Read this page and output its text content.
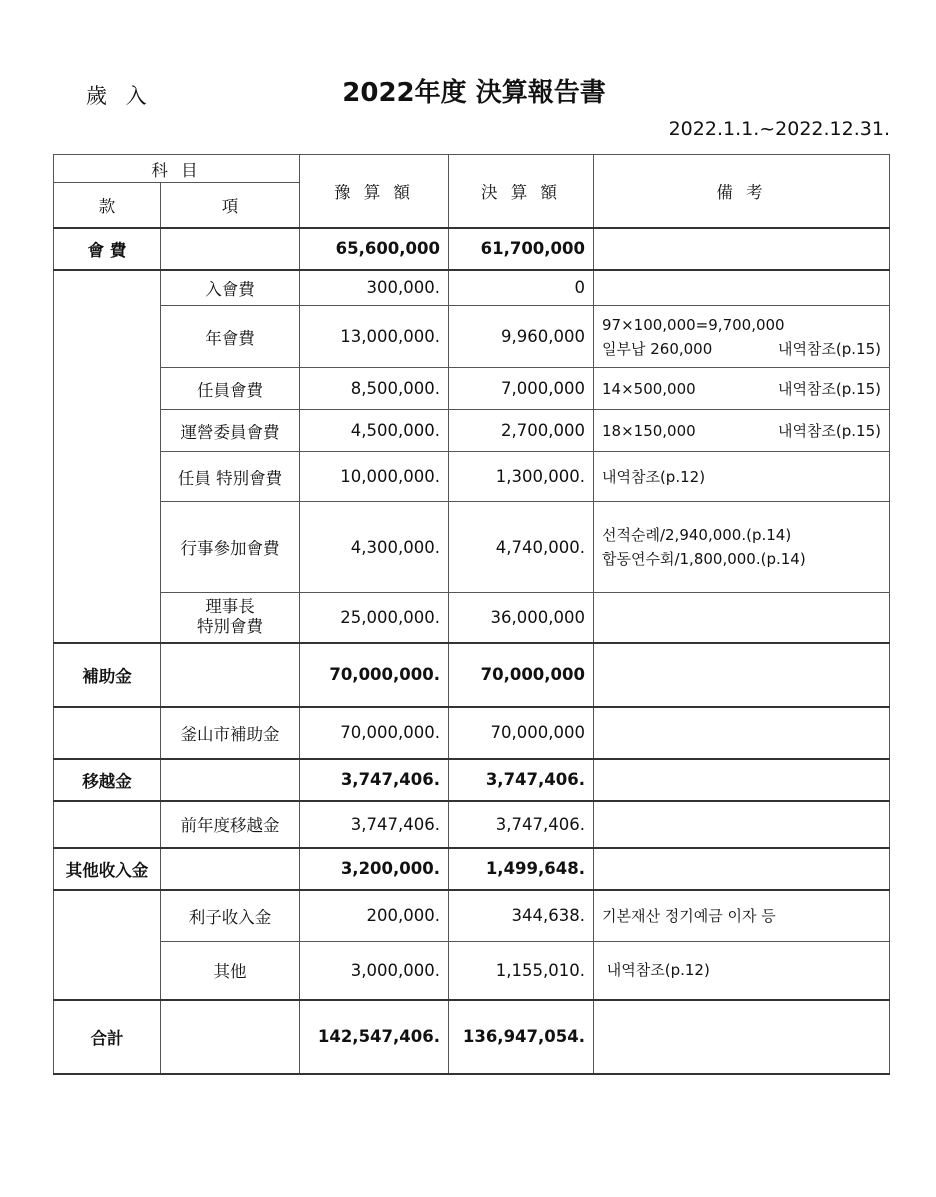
歲 入	2022年度 決算報告書
2022.1.1.~2022.12.31.
科 目		豫 算 額	決 算 額	備 考
款	項			
會 費		65,600,000	61,700,000	
	入會費	300,000.	0	
	年會費	13,000,000.	9,960,000	97×100,000=9,700,000
일부납 260,000 내역참조(p.15)

	任員會費	8,500,000.	7,000,000	14×500,000 내역참조(p.15)

	運營委員會費	4,500,000.	2,700,000	18×150,000 내역참조(p.15)

	任員 特別會費	10,000,000.	1,300,000.	내역참조(p.12)
	行事參加會費	4,300,000.	4,740,000.	선적순례/2,940,000.(p.14)
합동연수회/1,800,000.(p.14)

	理事長
特別會費	25,000,000.	36,000,000	
補助金		70,000,000.	70,000,000	
	釜山市補助金	70,000,000.	70,000,000	
移越金		3,747,406.	3,747,406.	
	前年度移越金	3,747,406.	3,747,406.	
其他收入金		3,200,000.	1,499,648.	
	利子收入金	200,000.	344,638.	기본재산 정기예금 이자 등
	其他	3,000,000.	1,155,010.	내역참조(p.12)
合計		142,547,406.	136,947,054.	
